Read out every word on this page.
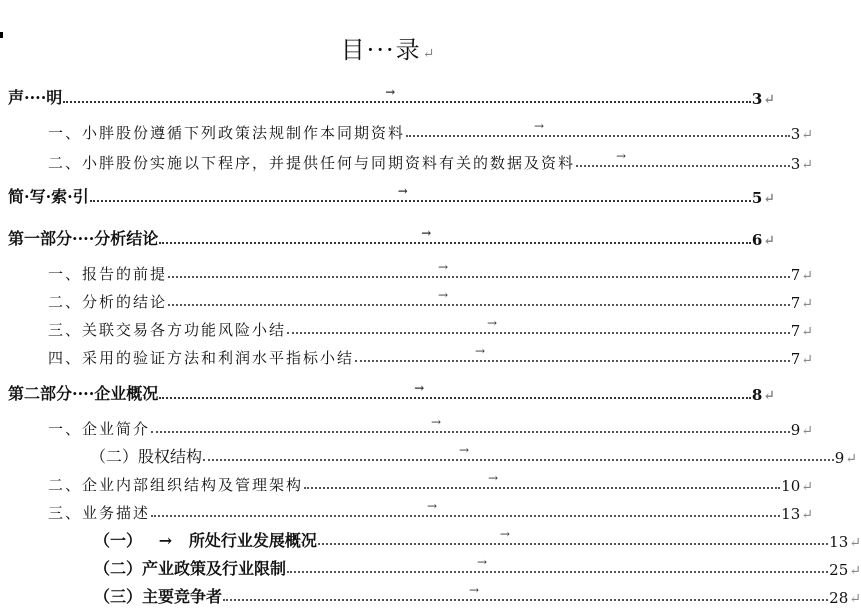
目···录↵
声····明	→	3 ↵
一、小胖股份遵循下列政策法规制作本同期资料	→	3 ↵
二、小胖股份实施以下程序，并提供任何与同期资料有关的数据及资料	→	3 ↵
简·写·索·引	→	5 ↵
第一部分····分析结论	→	6 ↵
一、报告的前提	→	7 ↵
二、分析的结论	→	7 ↵
三、关联交易各方功能风险小结	→	7 ↵
四、采用的验证方法和利润水平指标小结	→	7 ↵
第二部分····企业概况	→	8 ↵
一、企业简介	→	9 ↵
（二）股权结构	→	9 ↵
二、企业内部组织结构及管理架构	→	10 ↵
三、业务描述	→	13 ↵
（一）   →   所处行业发展概况	→	13 ↵
（二）产业政策及行业限制	→	25 ↵
（三）主要竞争者	→	28 ↵
